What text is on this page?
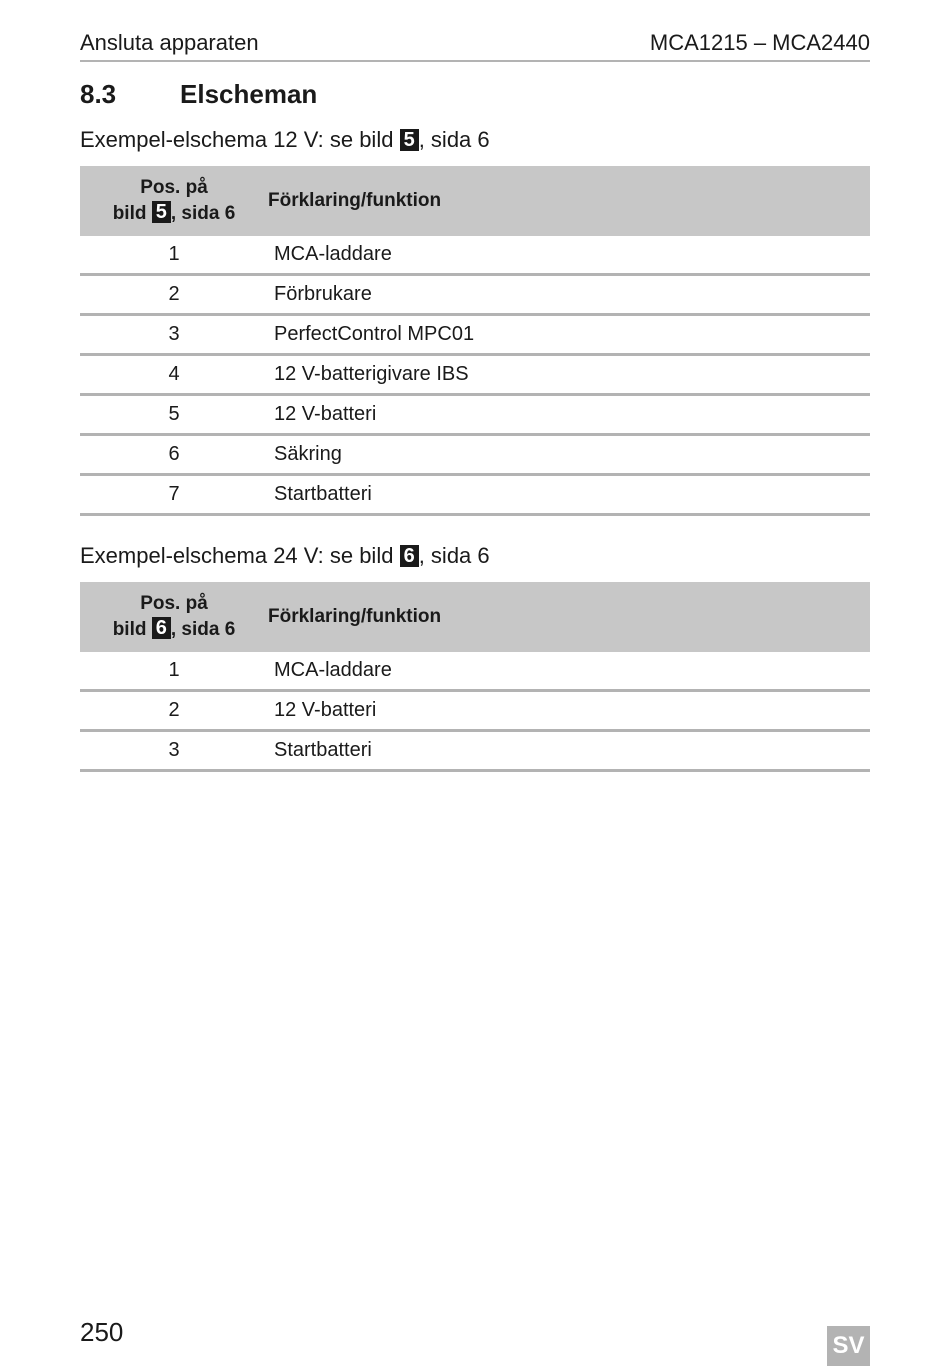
Ansluta apparaten	MCA1215 – MCA2440
8.3 Elscheman
Exempel-elschema 12 V: se bild 5 , sida 6
Pos. på
bild 5 , sida 6	Förklaring/funktion
1	MCA-laddare
2	Förbrukare
3	PerfectControl MPC01
4	12 V-batterigivare IBS
5	12 V-batteri
6	Säkring
7	Startbatteri
Exempel-elschema 24 V: se bild 6 , sida 6
Pos. på
bild 6 , sida 6	Förklaring/funktion
1	MCA-laddare
2	12 V-batteri
3	Startbatteri
250	SV
